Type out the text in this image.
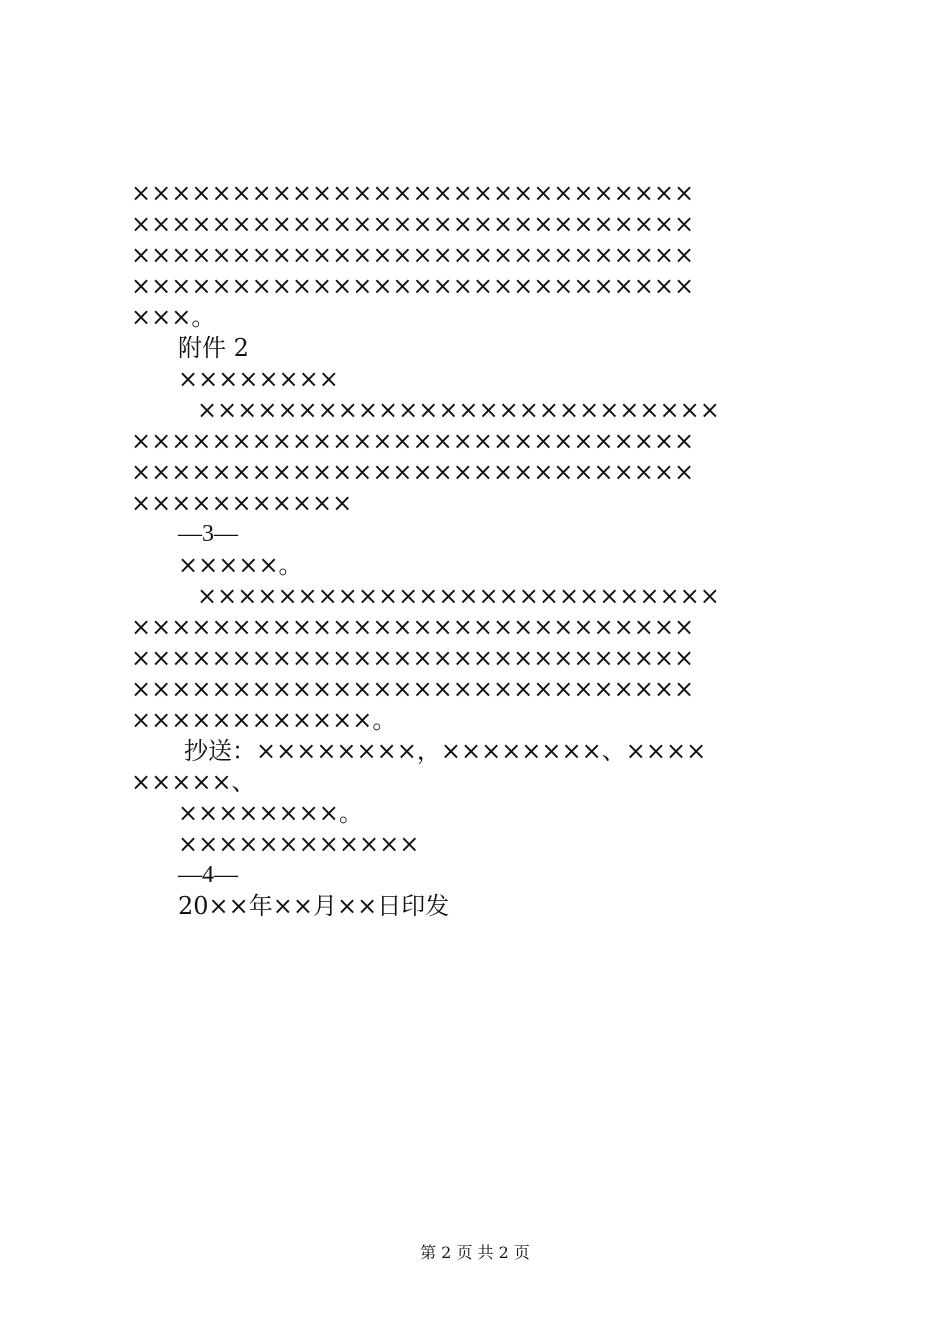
××××××××××××××××××××××××××××
××××××××××××××××××××××××××××
××××××××××××××××××××××××××××
××××××××××××××××××××××××××××
×××。
附件 2
××××××××
××××××××××××××××××××××××××
××××××××××××××××××××××××××××
××××××××××××××××××××××××××××
×××××××××××
—3—
×××××。
××××××××××××××××××××××××××
××××××××××××××××××××××××××××
××××××××××××××××××××××××××××
××××××××××××××××××××××××××××
××××××××××××。
抄送：××××××××，××××××××、××××
×××××、
××××××××。
××××××××××××
—4—
20××年××月××日印发
第 2 页 共 2 页
